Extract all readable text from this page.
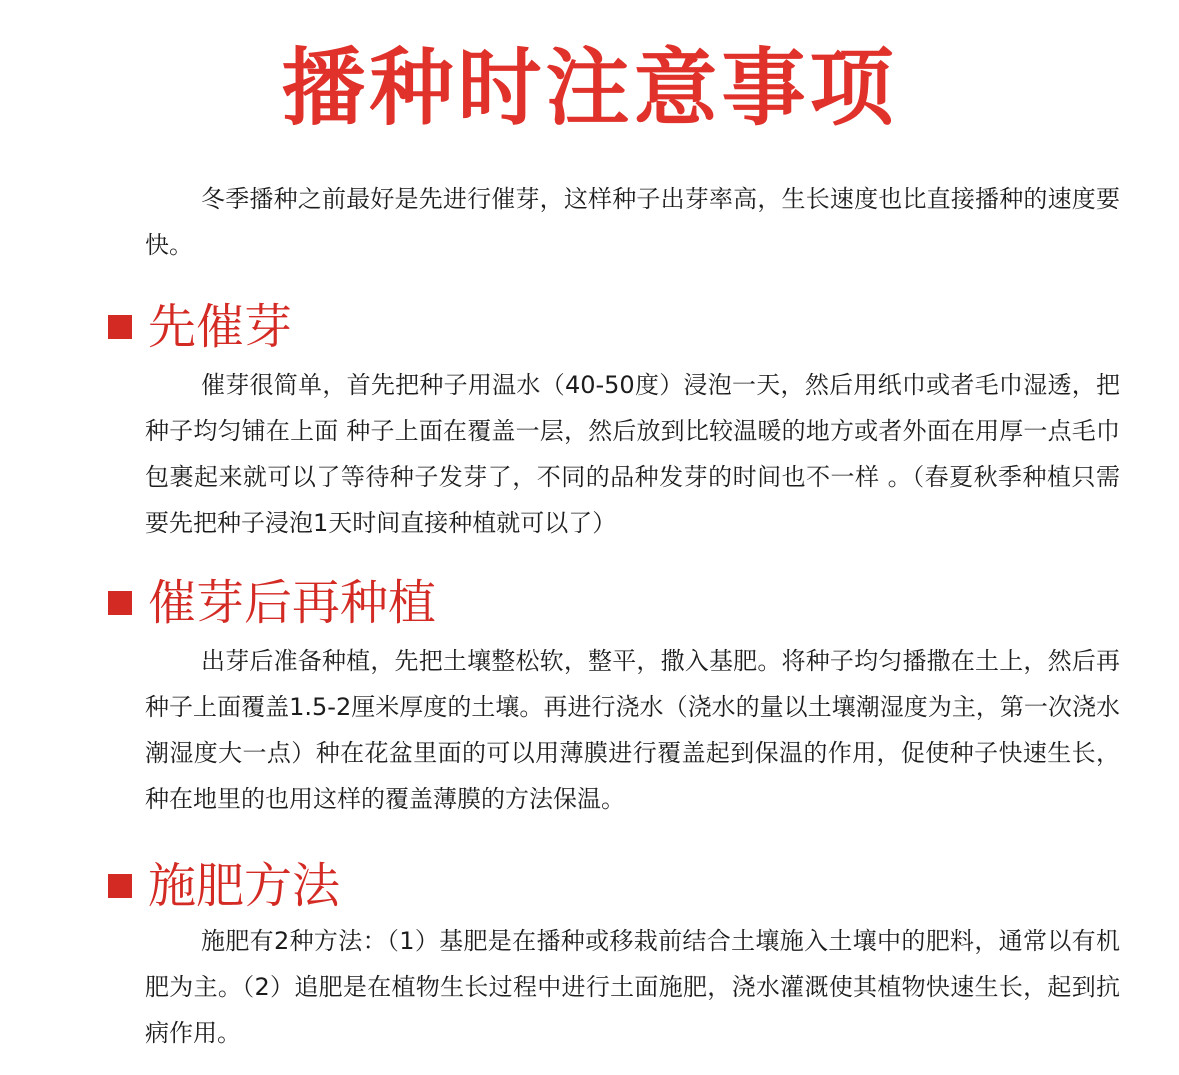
播种时注意事项

冬季播种之前最好是先进行催芽，这样种子出芽率高，生长速度也比直接播种的速度要快。

先催芽

催芽很简单，首先把种子用温水（40-50度）浸泡一天，然后用纸巾或者毛巾湿透，把种子均匀铺在上面 种子上面在覆盖一层，然后放到比较温暖的地方或者外面在用厚一点毛巾包裹起来就可以了等待种子发芽了，不同的品种发芽的时间也不一样 。（春夏秋季种植只需要先把种子浸泡1天时间直接种植就可以了）

催芽后再种植

出芽后准备种植，先把土壤整松软，整平，撒入基肥。将种子均匀播撒在土上，然后再种子上面覆盖1.5-2厘米厚度的土壤。再进行浇水（浇水的量以土壤潮湿度为主，第一次浇水潮湿度大一点）种在花盆里面的可以用薄膜进行覆盖起到保温的作用，促使种子快速生长，种在地里的也用这样的覆盖薄膜的方法保温。

施肥方法

施肥有2种方法：（1）基肥是在播种或移栽前结合土壤施入土壤中的肥料，通常以有机肥为主。（2）追肥是在植物生长过程中进行土面施肥，浇水灌溉使其植物快速生长，起到抗病作用。
